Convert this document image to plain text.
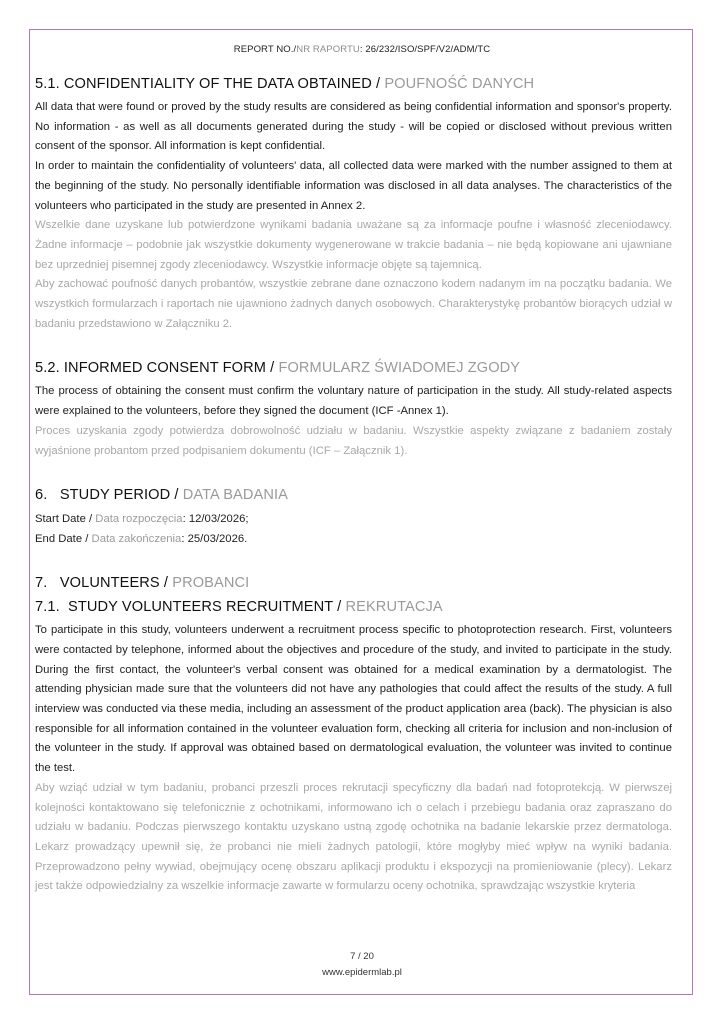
REPORT NO./NR RAPORTU: 26/232/ISO/SPF/V2/ADM/TC
5.1. CONFIDENTIALITY OF THE DATA OBTAINED / POUFNOŚĆ DANYCH

All data that were found or proved by the study results are considered as being confidential information and sponsor's property. No information - as well as all documents generated during the study - will be copied or disclosed without previous written consent of the sponsor. All information is kept confidential.

In order to maintain the confidentiality of volunteers' data, all collected data were marked with the number assigned to them at the beginning of the study. No personally identifiable information was disclosed in all data analyses. The characteristics of the volunteers who participated in the study are presented in Annex 2.

Wszelkie dane uzyskane lub potwierdzone wynikami badania uważane są za informacje poufne i własność zleceniodawcy. Żadne informacje – podobnie jak wszystkie dokumenty wygenerowane w trakcie badania – nie będą kopiowane ani ujawniane bez uprzedniej pisemnej zgody zleceniodawcy. Wszystkie informacje objęte są tajemnicą.

Aby zachować poufność danych probantów, wszystkie zebrane dane oznaczono kodem nadanym im na początku badania. We wszystkich formularzach i raportach nie ujawniono żadnych danych osobowych. Charakterystykę probantów biorących udział w badaniu przedstawiono w Załączniku 2.

5.2. INFORMED CONSENT FORM / FORMULARZ ŚWIADOMEJ ZGODY

The process of obtaining the consent must confirm the voluntary nature of participation in the study. All study-related aspects were explained to the volunteers, before they signed the document (ICF -Annex 1).

Proces uzyskania zgody potwierdza dobrowolność udziału w badaniu. Wszystkie aspekty związane z badaniem zostały wyjaśnione probantom przed podpisaniem dokumentu (ICF – Załącznik 1).

6.   STUDY PERIOD / DATA BADANIA

Start Date / Data rozpoczęcia: 12/03/2026;

End Date / Data zakończenia: 25/03/2026.

7.   VOLUNTEERS / PROBANCI
7.1.  STUDY VOLUNTEERS RECRUITMENT / REKRUTACJA

To participate in this study, volunteers underwent a recruitment process specific to photoprotection research. First, volunteers were contacted by telephone, informed about the objectives and procedure of the study, and invited to participate in the study. During the first contact, the volunteer's verbal consent was obtained for a medical examination by a dermatologist. The attending physician made sure that the volunteers did not have any pathologies that could affect the results of the study. A full interview was conducted via these media, including an assessment of the product application area (back). The physician is also responsible for all information contained in the volunteer evaluation form, checking all criteria for inclusion and non-inclusion of the volunteer in the study. If approval was obtained based on dermatological evaluation, the volunteer was invited to continue the test.

Aby wziąć udział w tym badaniu, probanci przeszli proces rekrutacji specyficzny dla badań nad fotoprotekcją. W pierwszej kolejności kontaktowano się telefonicznie z ochotnikami, informowano ich o celach i przebiegu badania oraz zapraszano do udziału w badaniu. Podczas pierwszego kontaktu uzyskano ustną zgodę ochotnika na badanie lekarskie przez dermatologa. Lekarz prowadzący upewnił się, że probanci nie mieli żadnych patologii, które mogłyby mieć wpływ na wyniki badania. Przeprowadzono pełny wywiad, obejmujący ocenę obszaru aplikacji produktu i ekspozycji na promieniowanie (plecy). Lekarz jest także odpowiedzialny za wszelkie informacje zawarte w formularzu oceny ochotnika, sprawdzając wszystkie kryteria

7 / 20
www.epidermlab.pl
